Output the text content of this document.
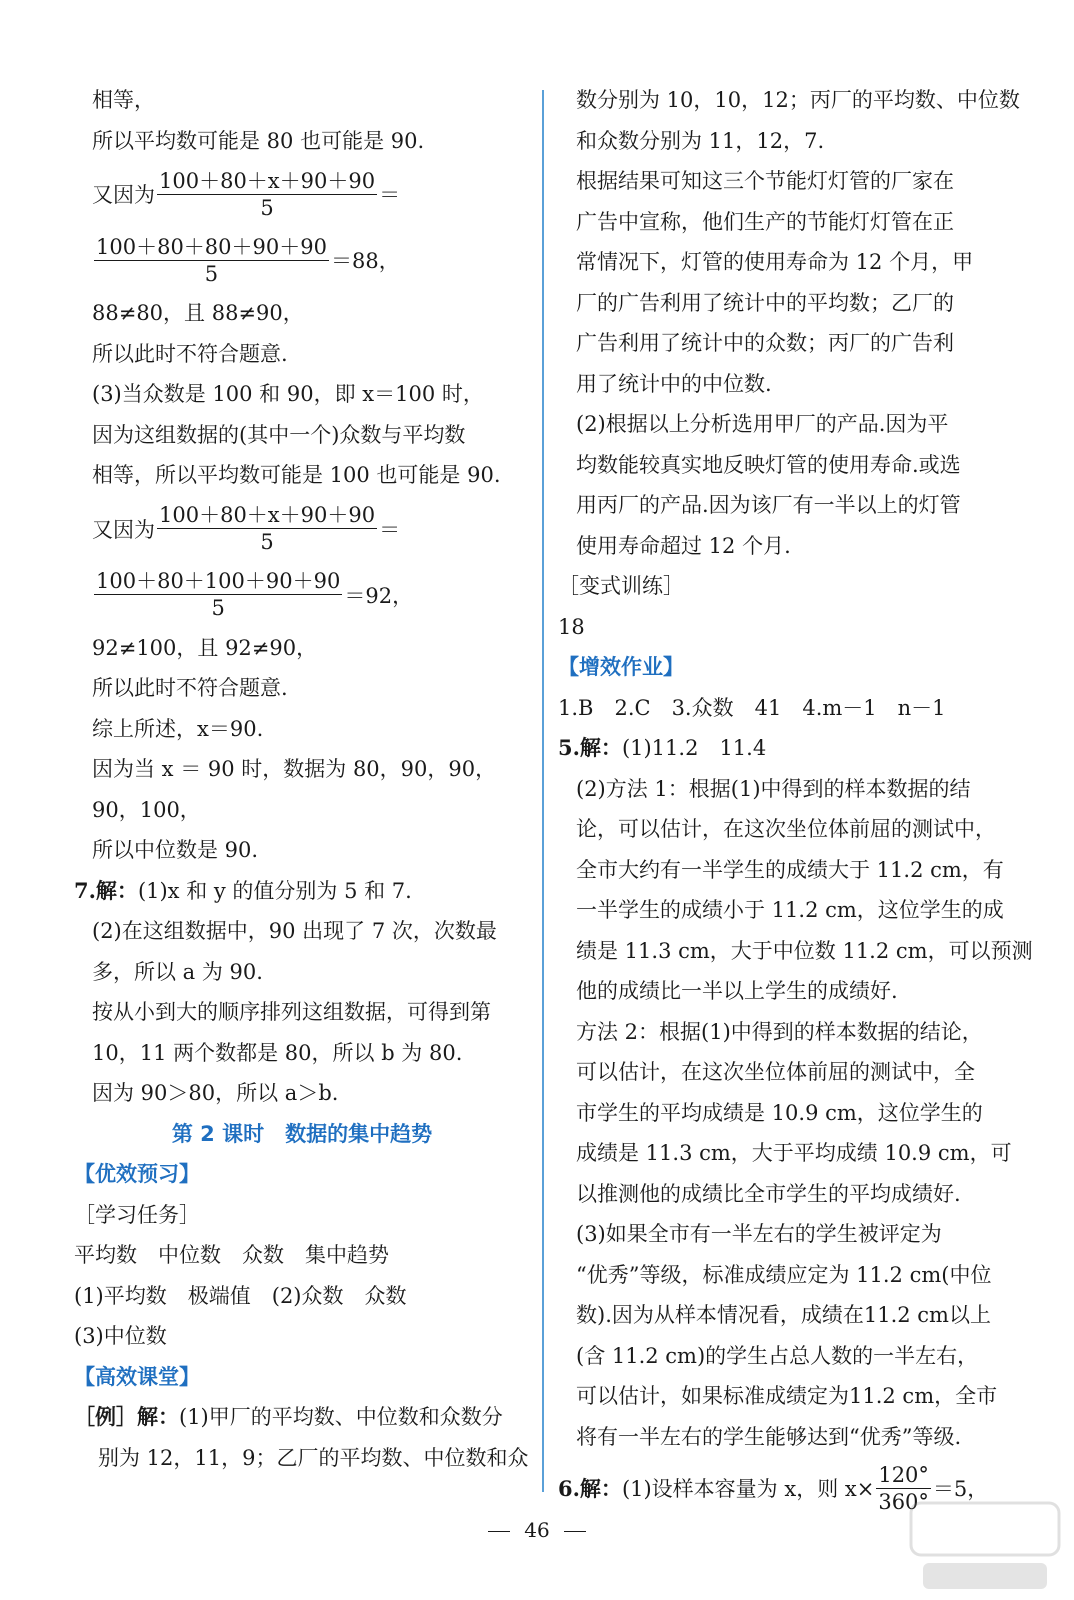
相等，
所以平均数可能是 80 也可能是 90.
又因为 $\frac{100+80+x+90+90}{5}$ ＝
$\frac{100+80+80+90+90}{5} =88$，
88≠80，且 88≠90，
所以此时不符合题意.
(3)当众数是 100 和 90，即 x＝100 时，
因为这组数据的(其中一个)众数与平均数
相等，所以平均数可能是 100 也可能是 90.
又因为 $\frac{100+80+x+90+90}{5}$ ＝
$\frac{100+80+100+90+90}{5} =92$，
92≠100，且 92≠90，
所以此时不符合题意.
综上所述，x＝90.
因为当 x ＝ 90 时，数据为 80，90，90，
90，100，
所以中位数是 90.
7.解：(1)x 和 y 的值分别为 5 和 7.
(2)在这组数据中，90 出现了 7 次，次数最
多，所以 a 为 90.
按从小到大的顺序排列这组数据，可得到第
10，11 两个数都是 80，所以 b 为 80.
因为 90＞80，所以 a＞b.
第 2 课时　数据的集中趋势
【优效预习】
［学习任务］
平均数　中位数　众数　集中趋势
(1)平均数　极端值　(2)众数　众数
(3)中位数
【高效课堂】
［例］解：(1)甲厂的平均数、中位数和众数分
别为 12，11，9；乙厂的平均数、中位数和众
数分别为 10，10，12；丙厂的平均数、中位数
和众数分别为 11，12，7.
根据结果可知这三个节能灯灯管的厂家在
广告中宣称，他们生产的节能灯灯管在正
常情况下，灯管的使用寿命为 12 个月，甲
厂的广告利用了统计中的平均数；乙厂的
广告利用了统计中的众数；丙厂的广告利
用了统计中的中位数.
(2)根据以上分析选用甲厂的产品.因为平
均数能较真实地反映灯管的使用寿命.或选
用丙厂的产品.因为该厂有一半以上的灯管
使用寿命超过 12 个月.
［变式训练］
18
【增效作业】
1.B　2.C　3.众数　41　4.m－1　n－1
5.解：(1)11.2　11.4
(2)方法 1：根据(1)中得到的样本数据的结
论，可以估计，在这次坐位体前屈的测试中，
全市大约有一半学生的成绩大于 11.2 cm，有
一半学生的成绩小于 11.2 cm，这位学生的成
绩是 11.3 cm，大于中位数 11.2 cm，可以预测
他的成绩比一半以上学生的成绩好.
方法 2：根据(1)中得到的样本数据的结论，
可以估计，在这次坐位体前屈的测试中，全
市学生的平均成绩是 10.9 cm，这位学生的
成绩是 11.3 cm，大于平均成绩 10.9 cm，可
以推测他的成绩比全市学生的平均成绩好.
(3)如果全市有一半左右的学生被评定为
“优秀”等级，标准成绩应定为 11.2 cm(中位
数).因为从样本情况看，成绩在11.2 cm以上
(含 11.2 cm)的学生占总人数的一半左右，
可以估计，如果标准成绩定为11.2 cm，全市
将有一半左右的学生能够达到“优秀”等级.
6.解： (1)设样本容量为 x，则 $x\times \frac{120^\circ}{360^\circ} =5$，
46
